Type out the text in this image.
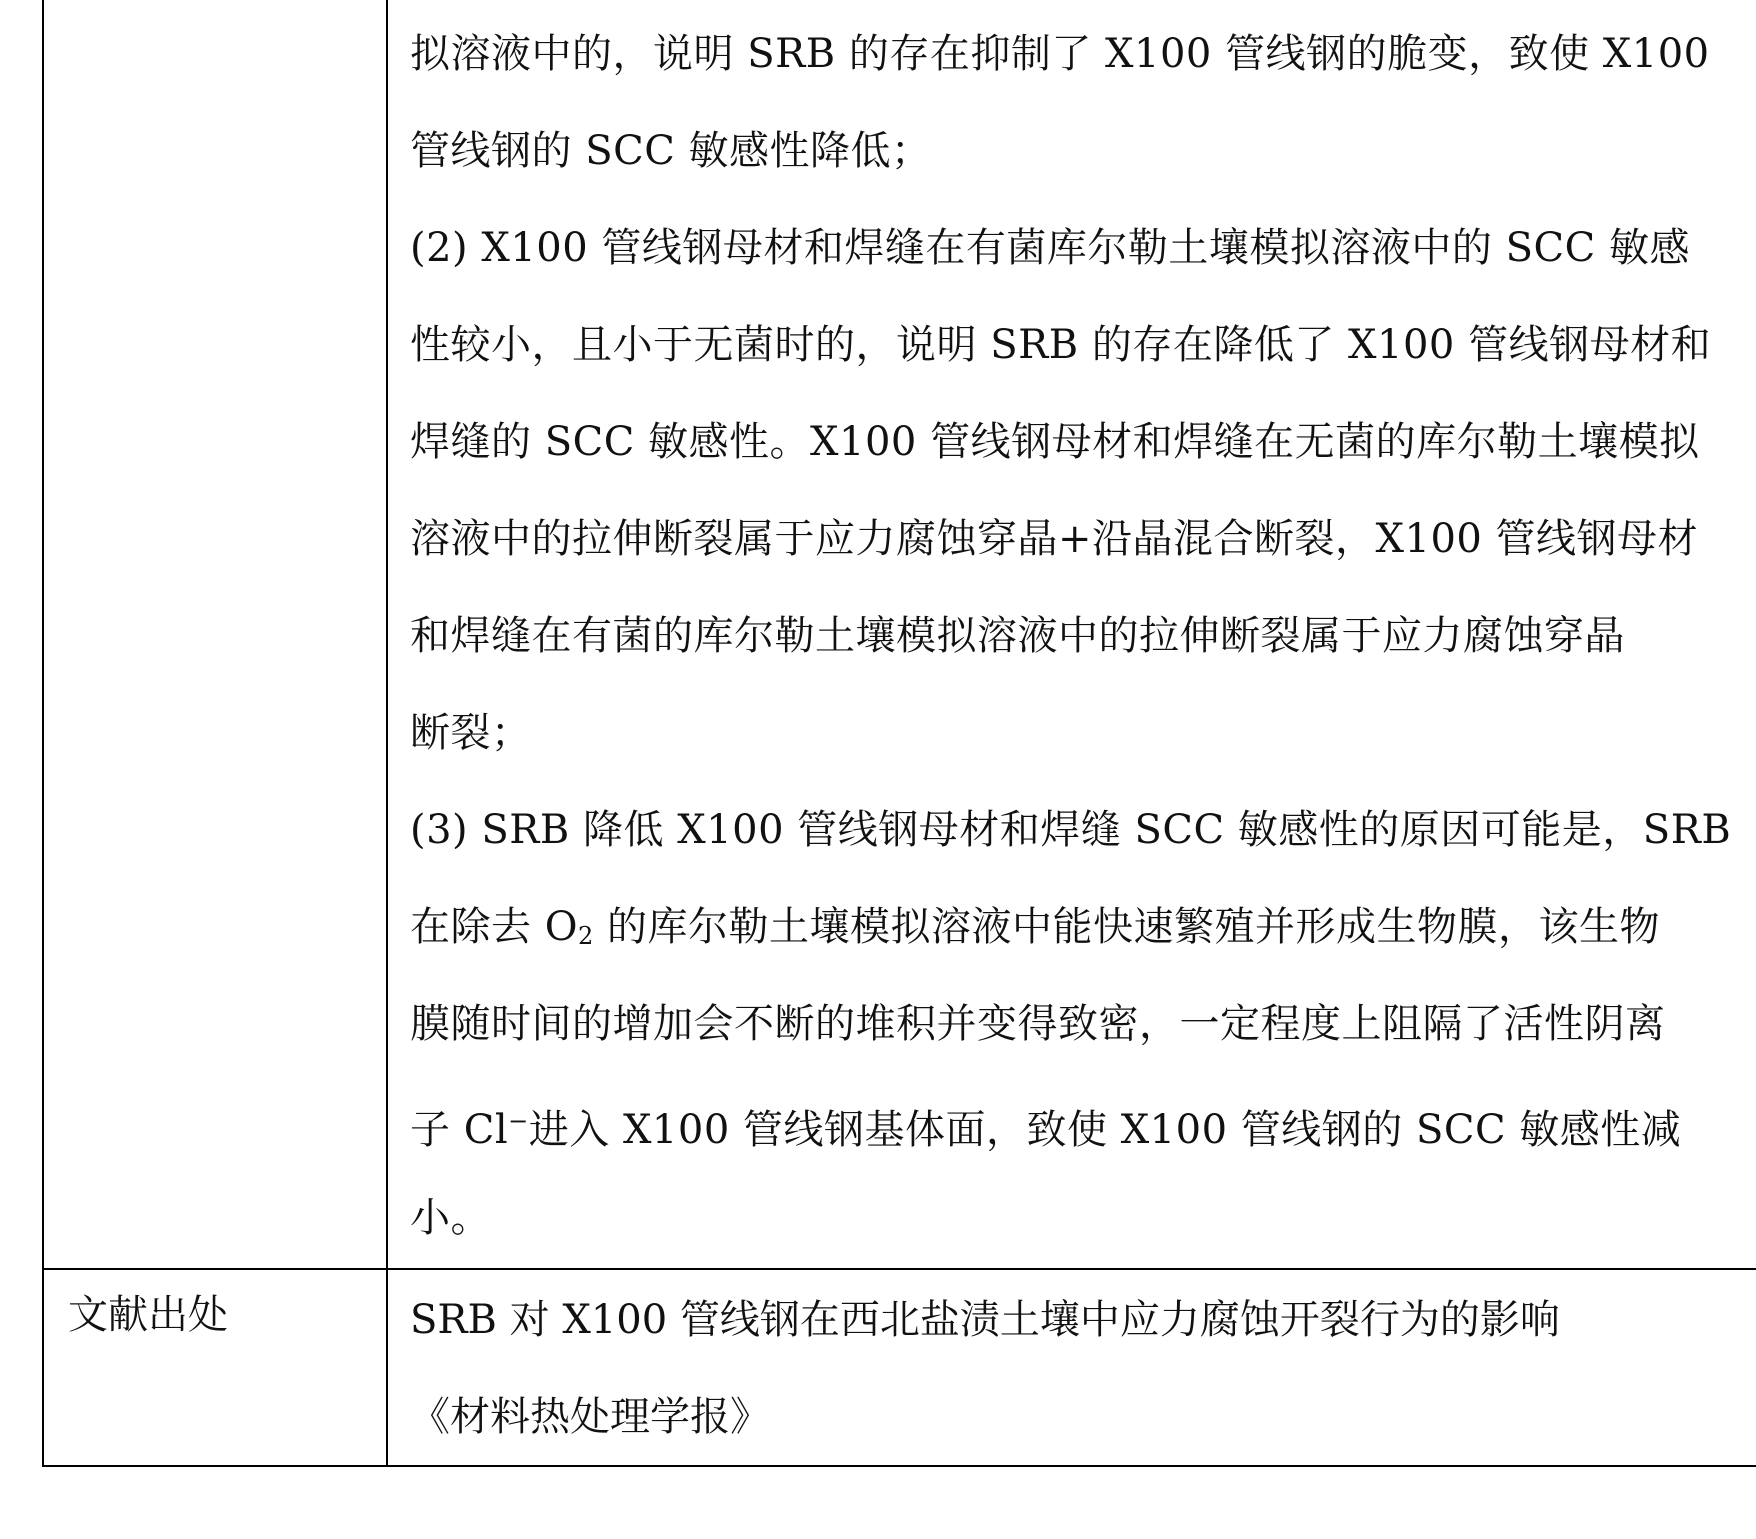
拟溶液中的，说明 SRB 的存在抑制了 X100 管线钢的脆变，致使 X100
管线钢的 SCC 敏感性降低；
(2) X100 管线钢母材和焊缝在有菌库尔勒土壤模拟溶液中的 SCC 敏感
性较小，且小于无菌时的，说明 SRB 的存在降低了 X100 管线钢母材和
焊缝的 SCC 敏感性。X100 管线钢母材和焊缝在无菌的库尔勒土壤模拟
溶液中的拉伸断裂属于应力腐蚀穿晶+沿晶混合断裂，X100 管线钢母材
和焊缝在有菌的库尔勒土壤模拟溶液中的拉伸断裂属于应力腐蚀穿晶
断裂；
(3) SRB 降低 X100 管线钢母材和焊缝 SCC 敏感性的原因可能是，SRB
在除去 $O_2$ 的库尔勒土壤模拟溶液中能快速繁殖并形成生物膜，该生物
膜随时间的增加会不断的堆积并变得致密，一定程度上阻隔了活性阴离
子 Cl−进入 X100 管线钢基体面，致使 X100 管线钢的 SCC 敏感性减
小。
文献出处	SRB 对 X100 管线钢在西北盐渍土壤中应力腐蚀开裂行为的影响
《材料热处理学报》
